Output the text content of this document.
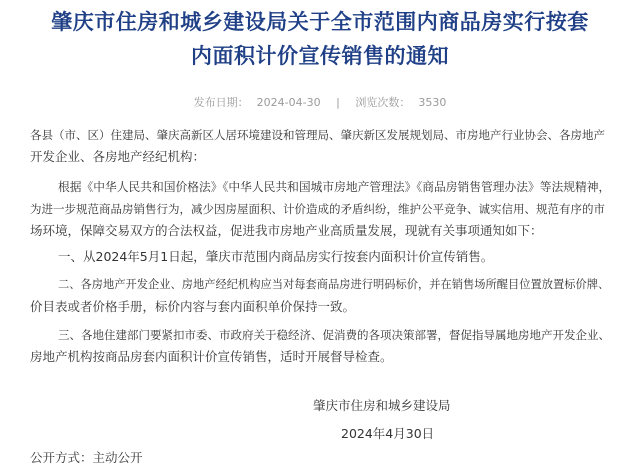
肇庆市住房和城乡建设局关于全市范围内商品房实行按套
内面积计价宣传销售的通知
发布日期： 2024-04-30 | 浏览次数： 3530
各县（市、区）住建局、肇庆高新区人居环境建设和管理局、肇庆新区发展规划局、市房地产行业协会、各房地产
开发企业、各房地产经纪机构：
根据《中华人民共和国价格法》《中华人民共和国城市房地产管理法》《商品房销售管理办法》等法规精神，
为进一步规范商品房销售行为，减少因房屋面积、计价造成的矛盾纠纷，维护公平竞争、诚实信用、规范有序的市
场环境，保障交易双方的合法权益，促进我市房地产业高质量发展，现就有关事项通知如下：
一、从2024年5月1日起，肇庆市范围内商品房实行按套内面积计价宣传销售。
二、各房地产开发企业、房地产经纪机构应当对每套商品房进行明码标价，并在销售场所醒目位置放置标价牌、
价目表或者价格手册，标价内容与套内面积单价保持一致。
三、各地住建部门要紧扣市委、市政府关于稳经济、促消费的各项决策部署，督促指导属地房地产开发企业、
房地产机构按商品房套内面积计价宣传销售，适时开展督导检查。
肇庆市住房和城乡建设局
2024年4月30日
公开方式：主动公开
